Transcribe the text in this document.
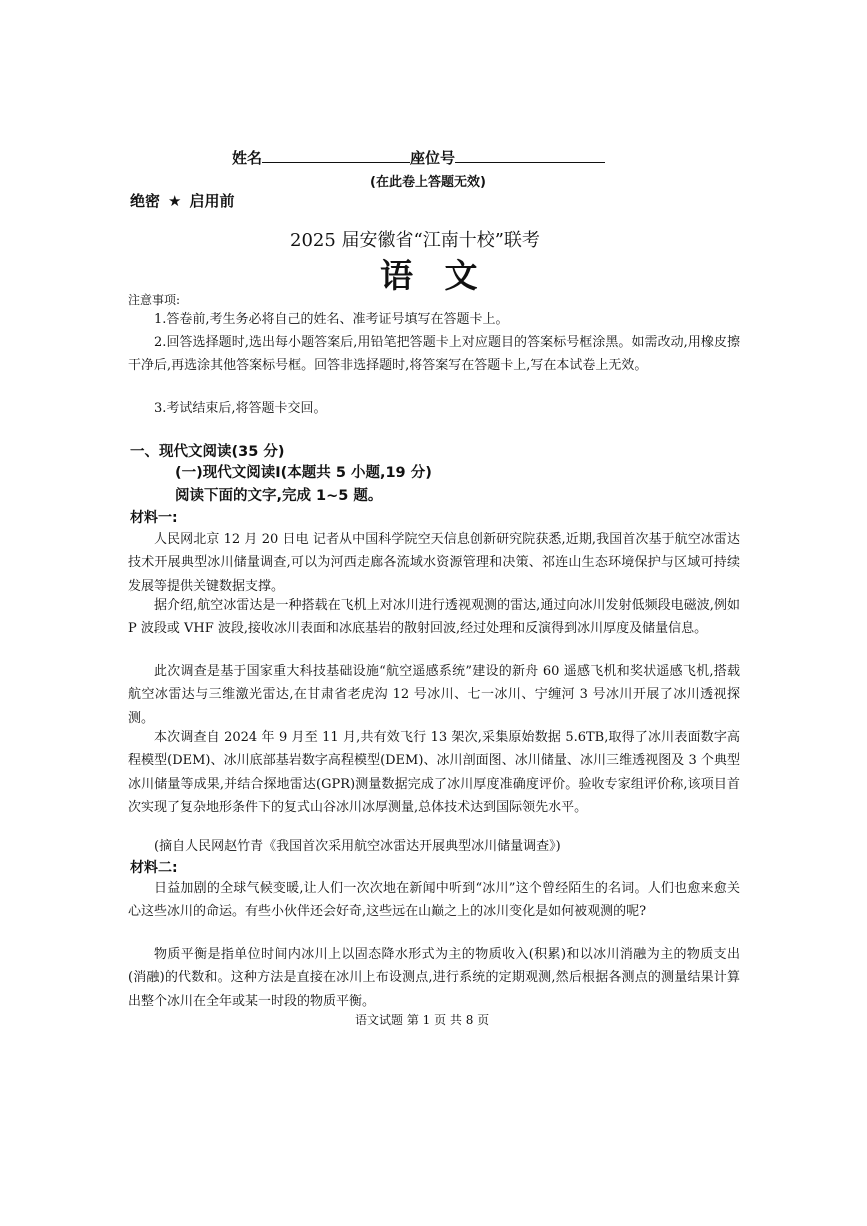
姓名	座位号
(在此卷上答题无效)
绝密 ★ 启用前
2025 届安徽省“江南十校”联考
语 文
注意事项:

1.答卷前,考生务必将自己的姓名、准考证号填写在答题卡上。

2.回答选择题时,选出每小题答案后,用铅笔把答题卡上对应题目的答案标号框涂黑。如需改动,用橡皮擦干净后,再选涂其他答案标号框。回答非选择题时,将答案写在答题卡上,写在本试卷上无效。

3.考试结束后,将答题卡交回。

一、现代文阅读(35 分)
(一)现代文阅读Ⅰ(本题共 5 小题,19 分)
阅读下面的文字,完成 1~5 题。
材料一:

人民网北京 12 月 20 日电 记者从中国科学院空天信息创新研究院获悉,近期,我国首次基于航空冰雷达技术开展典型冰川储量调查,可以为河西走廊各流域水资源管理和决策、祁连山生态环境保护与区域可持续发展等提供关键数据支撑。

据介绍,航空冰雷达是一种搭载在飞机上对冰川进行透视观测的雷达,通过向冰川发射低频段电磁波,例如 P 波段或 VHF 波段,接收冰川表面和冰底基岩的散射回波,经过处理和反演得到冰川厚度及储量信息。

此次调查是基于国家重大科技基础设施“航空遥感系统”建设的新舟 60 遥感飞机和奖状遥感飞机,搭载航空冰雷达与三维激光雷达,在甘肃省老虎沟 12 号冰川、七一冰川、宁缠河 3 号冰川开展了冰川透视探测。

本次调查自 2024 年 9 月至 11 月,共有效飞行 13 架次,采集原始数据 5.6TB,取得了冰川表面数字高程模型(DEM)、冰川底部基岩数字高程模型(DEM)、冰川剖面图、冰川储量、冰川三维透视图及 3 个典型冰川储量等成果,并结合探地雷达(GPR)测量数据完成了冰川厚度准确度评价。验收专家组评价称,该项目首次实现了复杂地形条件下的复式山谷冰川冰厚测量,总体技术达到国际领先水平。

(摘自人民网赵竹青《我国首次采用航空冰雷达开展典型冰川储量调查》)

材料二:

日益加剧的全球气候变暖,让人们一次次地在新闻中听到“冰川”这个曾经陌生的名词。人们也愈来愈关心这些冰川的命运。有些小伙伴还会好奇,这些远在山巅之上的冰川变化是如何被观测的呢?

物质平衡是指单位时间内冰川上以固态降水形式为主的物质收入(积累)和以冰川消融为主的物质支出(消融)的代数和。这种方法是直接在冰川上布设测点,进行系统的定期观测,然后根据各测点的测量结果计算出整个冰川在全年或某一时段的物质平衡。

语文试题 第 1 页 共 8 页
